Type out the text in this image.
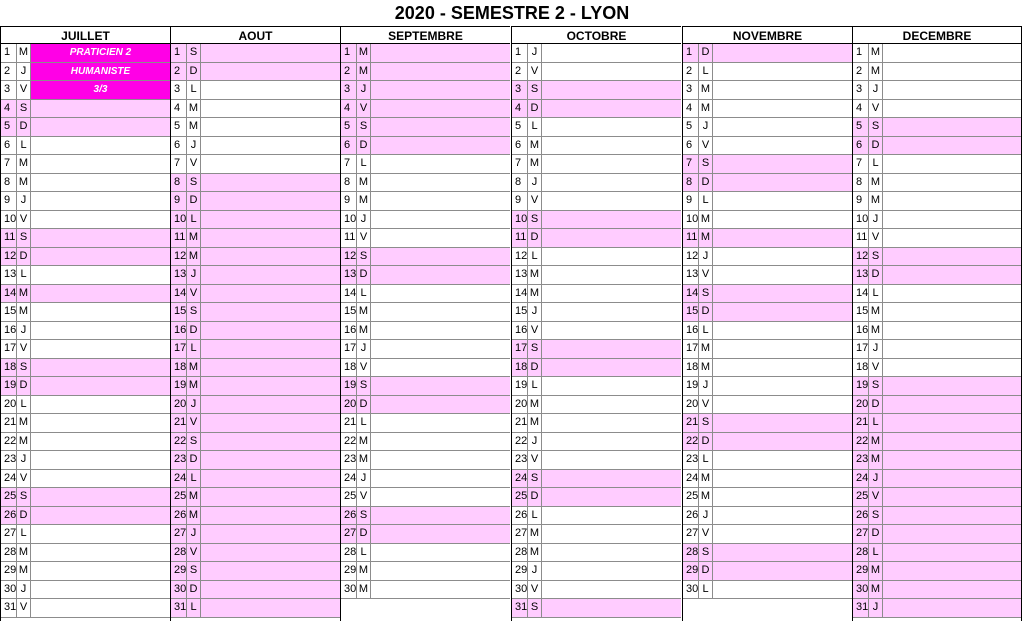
2020 - SEMESTRE 2 - LYON
JUILLET
1 M	PRATICIEN 2
2 J	HUMANISTE
3 V	3/3
4 S
5 D
6 L
7 M
8 M
9 J
10 V
11 S
12 D
13 L
14 M
15 M
16 J
17 V
18 S
19 D
20 L
21 M
22 M
23 J
24 V
25 S
26 D
27 L
28 M
29 M
30 J
31 V
AOUT
1 S
2 D
3 L
4 M
5 M
6 J
7 V
8 S
9 D
10 L
11 M
12 M
13 J
14 V
15 S
16 D
17 L
18 M
19 M
20 J
21 V
22 S
23 D
24 L
25 M
26 M
27 J
28 V
29 S
30 D
31 L
SEPTEMBRE
1 M
2 M
3 J
4 V
5 S
6 D
7 L
8 M
9 M
10 J
11 V
12 S
13 D
14 L
15 M
16 M
17 J
18 V
19 S
20 D
21 L
22 M
23 M
24 J
25 V
26 S
27 D
28 L
29 M
30 M
OCTOBRE
1 J
2 V
3 S
4 D
5 L
6 M
7 M
8 J
9 V
10 S
11 D
12 L
13 M
14 M
15 J
16 V
17 S
18 D
19 L
20 M
21 M
22 J
23 V
24 S
25 D
26 L
27 M
28 M
29 J
30 V
31 S
NOVEMBRE
1 D
2 L
3 M
4 M
5 J
6 V
7 S
8 D
9 L
10 M
11 M
12 J
13 V
14 S
15 D
16 L
17 M
18 M
19 J
20 V
21 S
22 D
23 L
24 M
25 M
26 J
27 V
28 S
29 D
30 L
DECEMBRE
1 M
2 M
3 J
4 V
5 S
6 D
7 L
8 M
9 M
10 J
11 V
12 S
13 D
14 L
15 M
16 M
17 J
18 V
19 S
20 D
21 L
22 M
23 M
24 J
25 V
26 S
27 D
28 L
29 M
30 M
31 J
